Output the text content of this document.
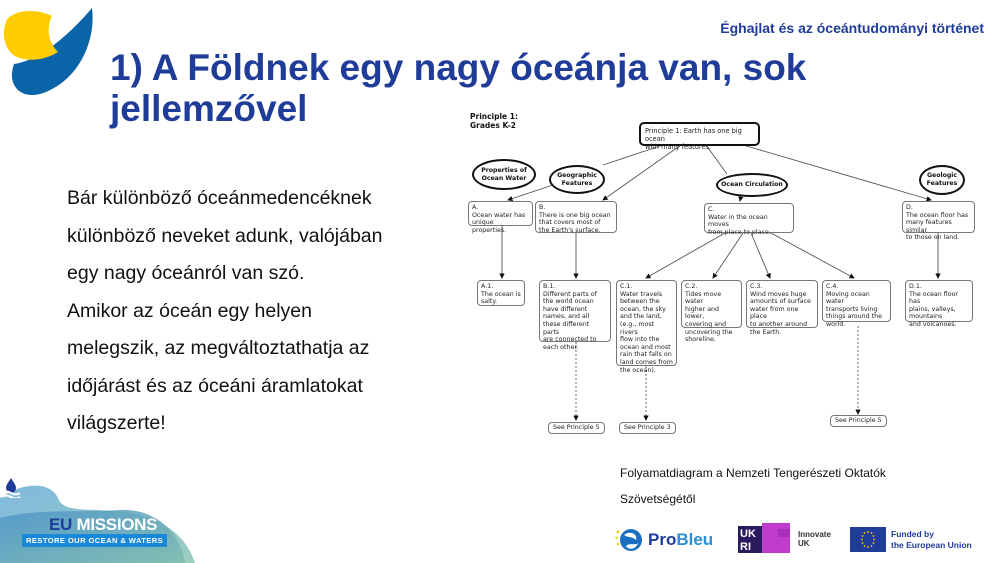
Éghajlat és az óceántudományi történet
1) A Földnek egy nagy óceánja van, sok
jellemzővel

Bár különböző óceánmedencéknek

különböző neveket adunk, valójában

egy nagy óceánról van szó.

Amikor az óceán egy helyen

melegszik, az megváltoztathatja az

időjárást és az óceáni áramlatokat

világszerte!

Principle 1:
Grades K-2
Principle 1: Earth has one big ocean
with many features.
Properties of
Ocean Water	Geographic
Features	Ocean Circulation
Geologic
Features
A.
Ocean water has
unique properties.
B.
There is one big ocean
that covers most of
the Earth's surface.
C.
Water in the ocean moves
from place to place.
D.
The ocean floor has
many features similar
to those on land.
A.1.
The ocean is
salty.
B.1.
Different parts of
the world ocean
have different
names, and all
these different parts
are connected to
each other.
C.1.
Water travels
between the
ocean, the sky
and the land,
(e.g., most rivers
flow into the
ocean and most
rain that falls on
land comes from
the ocean).
C.2.
Tides move water
higher and lower,
covering and
uncovering the
shoreline.
C.3.
Wind moves huge
amounts of surface
water from one place
to another around
the Earth.
C.4.
Moving ocean water
transports living
things around the
world.
D.1.
The ocean floor has
plains, valleys,
mountains
and volcanoes.
See Principle 5	See Principle 3
See Principle 5
Folyamatdiagram a Nemzeti Tengerészeti Oktatók
Szövetségétől
EU MISSIONS
RESTORE OUR OCEAN & WATERS	ProBleu UK
RI
Innovate
UK
Funded by
the European Union
